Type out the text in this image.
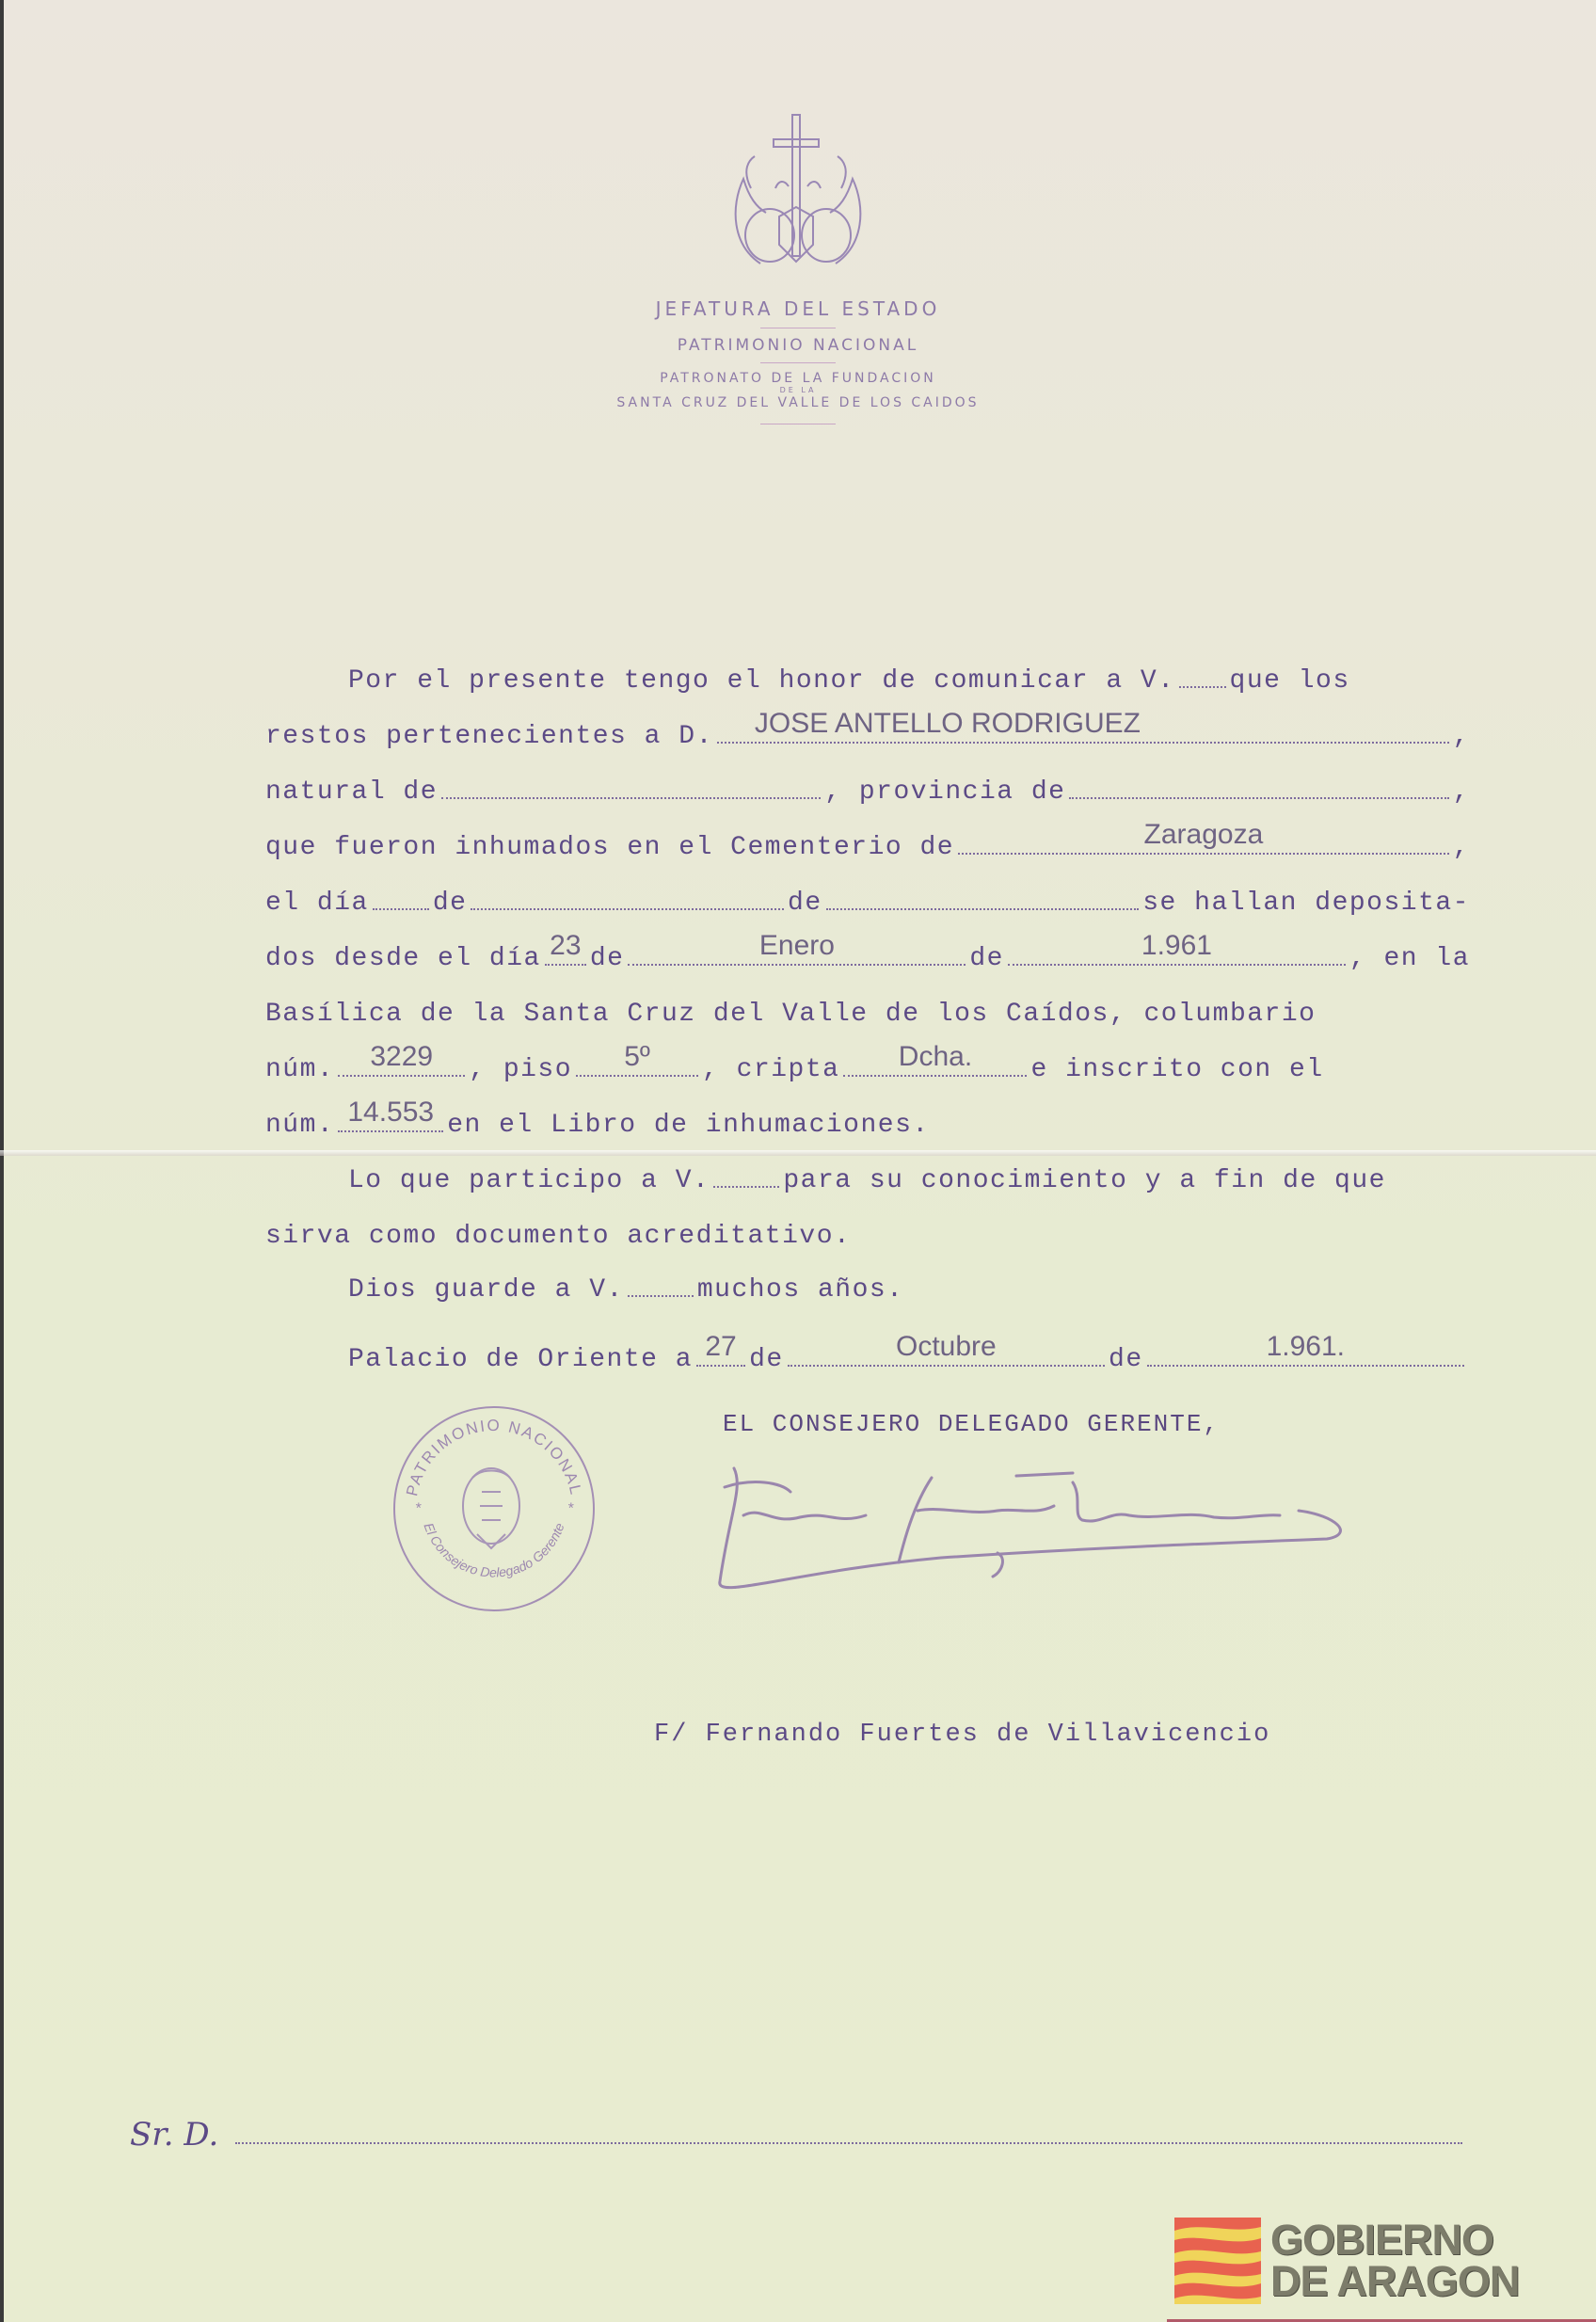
JEFATURA DEL ESTADO
PATRIMONIO NACIONAL
PATRONATO DE LA FUNDACION
DE LA
SANTA CRUZ DEL VALLE DE LOS CAIDOS
Por el presente tengo el honor de comunicar a V. que los
restos pertenecientes a D. JOSE ANTELLO RODRIGUEZ	,
natural de	, provincia de	,
que fueron inhumados en el Cementerio de	Zaragoza	,
el día de	de	se hallan deposita-
dos desde el día 23 de	Enero	de	1.961	, en la
Basílica de la Santa Cruz del Valle de los Caídos, columbario
núm. 3229 , piso 5º , cripta Dcha. e inscrito con el
núm. 14.553 en el Libro de inhumaciones.
Lo que participo a V.	para su conocimiento y a fin de que
sirva como documento acreditativo.
Dios guarde a V.	muchos años.
Palacio de Oriente a 27 de	Octubre	de	1.961.
EL CONSEJERO DELEGADO GERENTE,
PATRIMONIO NACIONAL
El Consejero Delegado Gerente
*	*
F/ Fernando Fuertes de Villavicencio
Sr. D.
GOBIERNO
DE ARAGON
